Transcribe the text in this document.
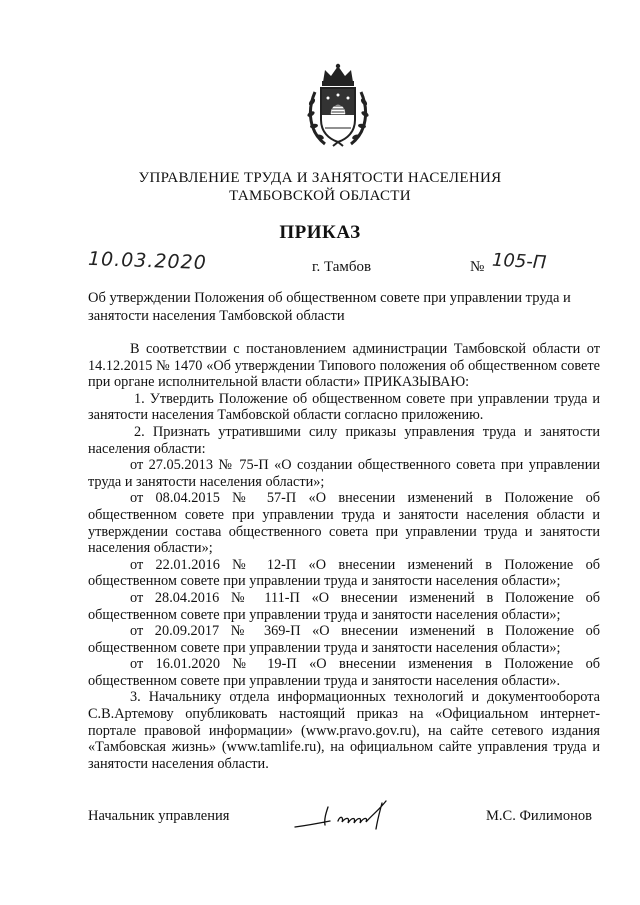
УПРАВЛЕНИЕ ТРУДА И ЗАНЯТОСТИ НАСЕЛЕНИЯ
ТАМБОВСКОЙ ОБЛАСТИ
ПРИКАЗ
10.03.2020	г. Тамбов	№ 105-П
Об утверждении Положения об общественном совете при управлении труда и занятости населения Тамбовской области

В соответствии с постановлением администрации Тамбовской области от 14.12.2015 № 1470 «Об утверждении Типового положения об общественном совете при органе исполнительной власти области» ПРИКАЗЫВАЮ:

1. Утвердить Положение об общественном совете при управлении труда и занятости населения Тамбовской области согласно приложению.

2. Признать утратившими силу приказы управления труда и занятости населения области:

от 27.05.2013 № 75-П «О создании общественного совета при управлении труда и занятости населения области»;

от 08.04.2015 № 57-П «О внесении изменений в Положение об общественном совете при управлении труда и занятости населения области и утверждении состава общественного совета при управлении труда и занятости населения области»;

от 22.01.2016 № 12-П «О внесении изменений в Положение об общественном совете при управлении труда и занятости населения области»;

от 28.04.2016 № 111-П «О внесении изменений в Положение об общественном совете при управлении труда и занятости населения области»;

от 20.09.2017 № 369-П «О внесении изменений в Положение об общественном совете при управлении труда и занятости населения области»;

от 16.01.2020 № 19-П «О внесении изменения в Положение об общественном совете при управлении труда и занятости населения области».

3. Начальнику отдела информационных технологий и документооборота С.В.Артемову опубликовать настоящий приказ на «Официальном интернет-портале правовой информации» (www.pravo.gov.ru), на сайте сетевого издания «Тамбовская жизнь» (www.tamlife.ru), на официальном сайте управления труда и занятости населения области.

Начальник управления	М.С. Филимонов
